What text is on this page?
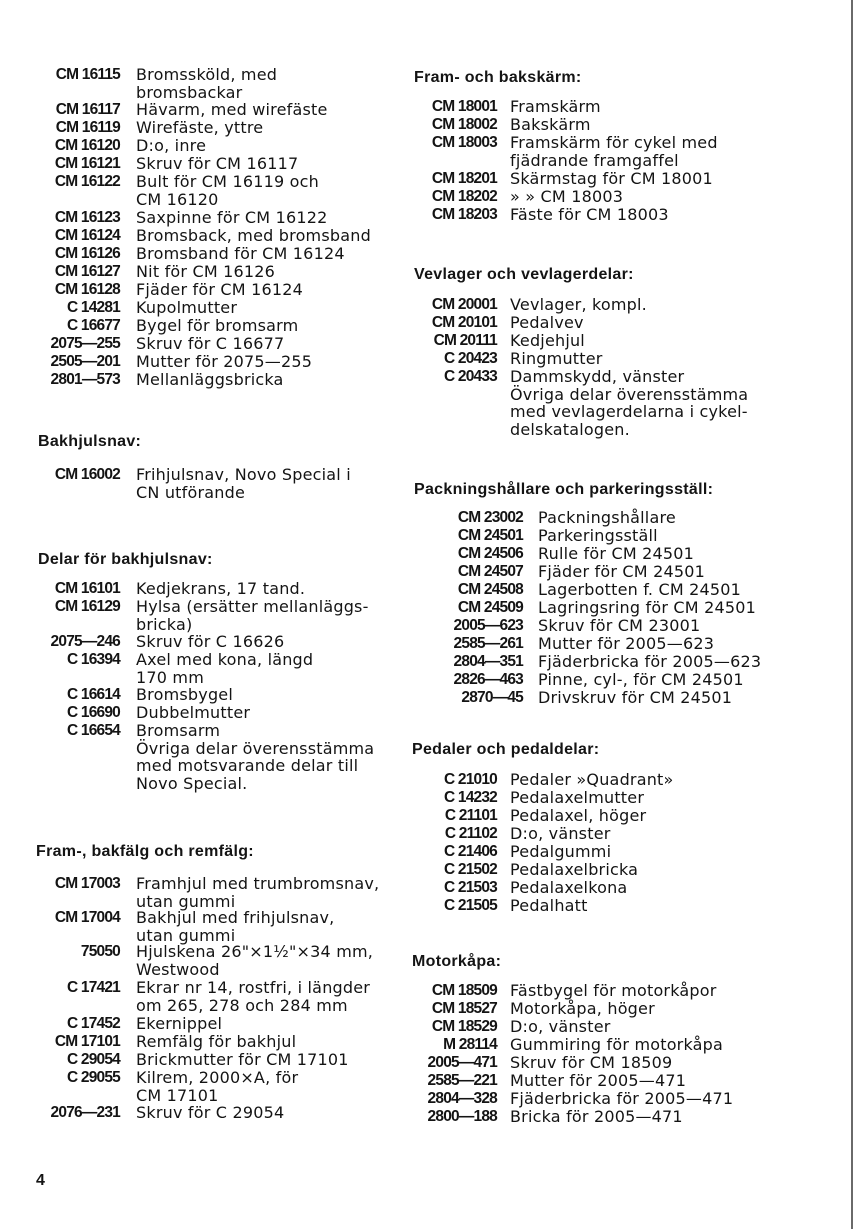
CM 16115 Bromssköld, med
bromsbackar
CM 16117 Hävarm, med wirefäste
CM 16119 Wirefäste, yttre
CM 16120 D:o, inre
CM 16121 Skruv för CM 16117
CM 16122 Bult för CM 16119 och
CM 16120
CM 16123 Saxpinne för CM 16122
CM 16124 Bromsback, med bromsband
CM 16126 Bromsband för CM 16124
CM 16127 Nit för CM 16126
CM 16128 Fjäder för CM 16124
C 14281 Kupolmutter
C 16677 Bygel för bromsarm
2075—255 Skruv för C 16677
2505—201 Mutter för 2075—255
2801—573 Mellanläggsbricka
Bakhjulsnav:
CM 16002 Frihjulsnav, Novo Special i
CN utförande
Delar för bakhjulsnav:
CM 16101 Kedjekrans, 17 tand.
CM 16129 Hylsa (ersätter mellanläggs-
bricka)
2075—246 Skruv för C 16626
C 16394 Axel med kona, längd
170 mm
C 16614 Bromsbygel
C 16690 Dubbelmutter
C 16654 Bromsarm
Övriga delar överensstämma
med motsvarande delar till
Novo Special.
Fram-, bakfälg och remfälg:
CM 17003 Framhjul med trumbromsnav,
utan gummi
CM 17004 Bakhjul med frihjulsnav,
utan gummi
75050 Hjulskena 26"×1½"×34 mm,
Westwood
C 17421 Ekrar nr 14, rostfri, i längder
om 265, 278 och 284 mm
C 17452 Ekernippel
CM 17101 Remfälg för bakhjul
C 29054 Brickmutter för CM 17101
C 29055 Kilrem, 2000×A, för
CM 17101
2076—231 Skruv för C 29054
Fram- och bakskärm:
CM 18001 Framskärm
CM 18002 Bakskärm
CM 18003 Framskärm för cykel med
fjädrande framgaffel
CM 18201 Skärmstag för CM 18001
CM 18202 » » CM 18003
CM 18203 Fäste för CM 18003
Vevlager och vevlagerdelar:
CM 20001 Vevlager, kompl.
CM 20101 Pedalvev
CM 20111 Kedjehjul
C 20423 Ringmutter
C 20433 Dammskydd, vänster
Övriga delar överensstämma
med vevlagerdelarna i cykel-
delskatalogen.
Packningshållare och parkeringsställ:
CM 23002 Packningshållare
CM 24501 Parkeringsställ
CM 24506 Rulle för CM 24501
CM 24507 Fjäder för CM 24501
CM 24508 Lagerbotten f. CM 24501
CM 24509 Lagringsring för CM 24501
2005—623 Skruv för CM 23001
2585—261 Mutter för 2005—623
2804—351 Fjäderbricka för 2005—623
2826—463 Pinne, cyl-, för CM 24501
2870—45 Drivskruv för CM 24501
Pedaler och pedaldelar:
C 21010 Pedaler »Quadrant»
C 14232 Pedalaxelmutter
C 21101 Pedalaxel, höger
C 21102 D:o, vänster
C 21406 Pedalgummi
C 21502 Pedalaxelbricka
C 21503 Pedalaxelkona
C 21505 Pedalhatt
Motorkåpa:
CM 18509 Fästbygel för motorkåpor
CM 18527 Motorkåpa, höger
CM 18529 D:o, vänster
M 28114 Gummiring för motorkåpa
2005—471 Skruv för CM 18509
2585—221 Mutter för 2005—471
2804—328 Fjäderbricka för 2005—471
2800—188 Bricka för 2005—471
4
